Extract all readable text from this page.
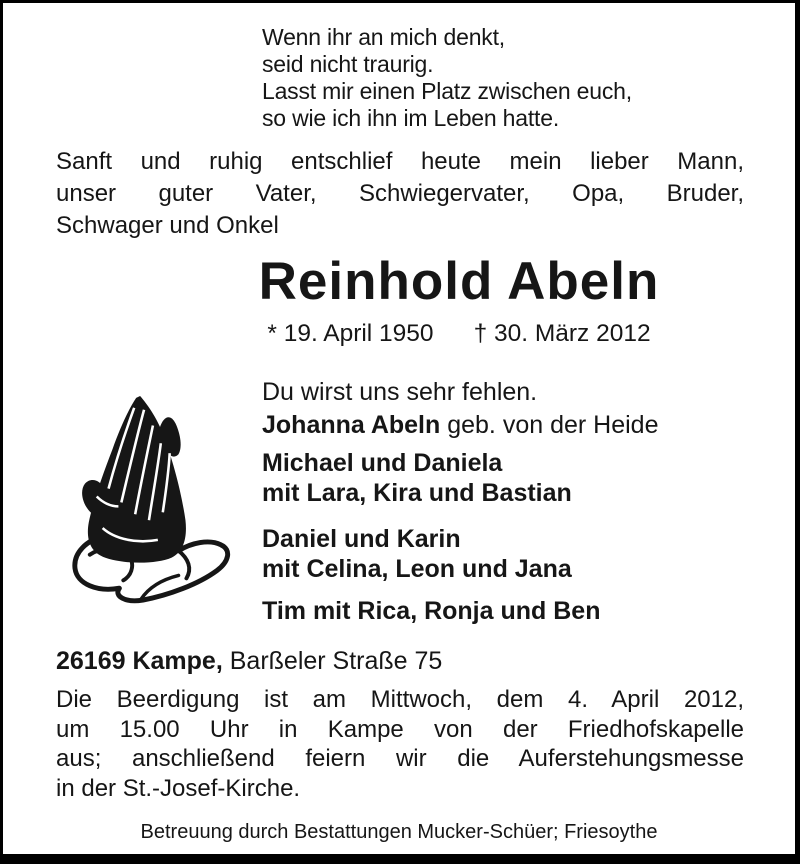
Wenn ihr an mich denkt,
seid nicht traurig.
Lasst mir einen Platz zwischen euch,
so wie ich ihn im Leben hatte.
Sanft und ruhig entschlief heute mein lieber Mann,
unser guter Vater, Schwiegervater, Opa, Bruder,
Schwager und Onkel
Reinhold Abeln
* 19. April 1950 † 30. März 2012
Du wirst uns sehr fehlen.
Johanna Abeln geb. von der Heide
Michael und Daniela
mit Lara, Kira und Bastian
Daniel und Karin
mit Celina, Leon und Jana
Tim mit Rica, Ronja und Ben
26169 Kampe, Barßeler Straße 75
Die Beerdigung ist am Mittwoch, dem 4. April 2012,
um 15.00 Uhr in Kampe von der Friedhofskapelle
aus; anschließend feiern wir die Auferstehungsmesse
in der St.-Josef-Kirche.
Betreuung durch Bestattungen Mucker-Schüer; Friesoythe
